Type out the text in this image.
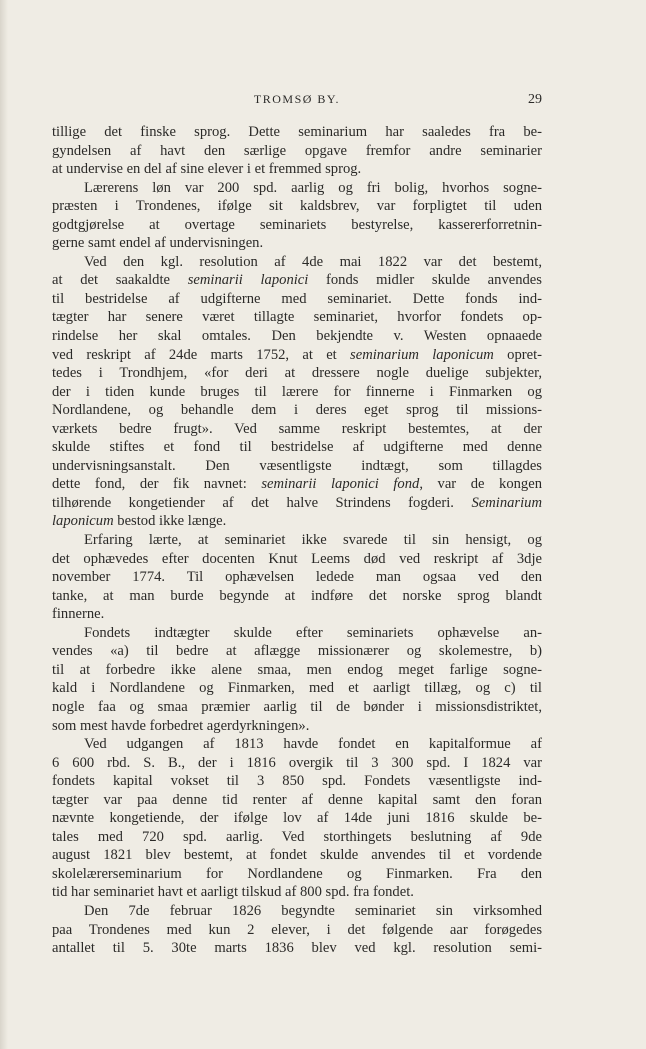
TROMSØ BY.	29
tillige det finske sprog. Dette seminarium har saaledes fra be-
gyndelsen af havt den særlige opgave fremfor andre seminarier
at undervise en del af sine elever i et fremmed sprog.
Lærerens løn var 200 spd. aarlig og fri bolig, hvorhos sogne-
præsten i Trondenes, ifølge sit kaldsbrev, var forpligtet til uden
godtgjørelse at overtage seminariets bestyrelse, kassererforretnin-
gerne samt endel af undervisningen.
Ved den kgl. resolution af 4de mai 1822 var det bestemt,
at det saakaldte seminarii laponici fonds midler skulde anvendes
til bestridelse af udgifterne med seminariet. Dette fonds ind-
tægter har senere været tillagte seminariet, hvorfor fondets op-
rindelse her skal omtales. Den bekjendte v. Westen opnaaede
ved reskript af 24de marts 1752, at et seminarium laponicum opret-
tedes i Trondhjem, «for deri at dressere nogle duelige subjekter,
der i tiden kunde bruges til lærere for finnerne i Finmarken og
Nordlandene, og behandle dem i deres eget sprog til missions-
værkets bedre frugt». Ved samme reskript bestemtes, at der
skulde stiftes et fond til bestridelse af udgifterne med denne
undervisningsanstalt. Den væsentligste indtægt, som tillagdes
dette fond, der fik navnet: seminarii laponici fond, var de kongen
tilhørende kongetiender af det halve Strindens fogderi. Seminarium
laponicum bestod ikke længe.
Erfaring lærte, at seminariet ikke svarede til sin hensigt, og
det ophævedes efter docenten Knut Leems død ved reskript af 3dje
november 1774. Til ophævelsen ledede man ogsaa ved den
tanke, at man burde begynde at indføre det norske sprog blandt
finnerne.
Fondets indtægter skulde efter seminariets ophævelse an-
vendes «a) til bedre at aflægge missionærer og skolemestre, b)
til at forbedre ikke alene smaa, men endog meget farlige sogne-
kald i Nordlandene og Finmarken, med et aarligt tillæg, og c) til
nogle faa og smaa præmier aarlig til de bønder i missionsdistriktet,
som mest havde forbedret agerdyrkningen».
Ved udgangen af 1813 havde fondet en kapitalformue af
6 600 rbd. S. B., der i 1816 overgik til 3 300 spd. I 1824 var
fondets kapital vokset til 3 850 spd. Fondets væsentligste ind-
tægter var paa denne tid renter af denne kapital samt den foran
nævnte kongetiende, der ifølge lov af 14de juni 1816 skulde be-
tales med 720 spd. aarlig. Ved storthingets beslutning af 9de
august 1821 blev bestemt, at fondet skulde anvendes til et vordende
skolelærerseminarium for Nordlandene og Finmarken. Fra den
tid har seminariet havt et aarligt tilskud af 800 spd. fra fondet.
Den 7de februar 1826 begyndte seminariet sin virksomhed
paa Trondenes med kun 2 elever, i det følgende aar forøgedes
antallet til 5. 30te marts 1836 blev ved kgl. resolution semi-
